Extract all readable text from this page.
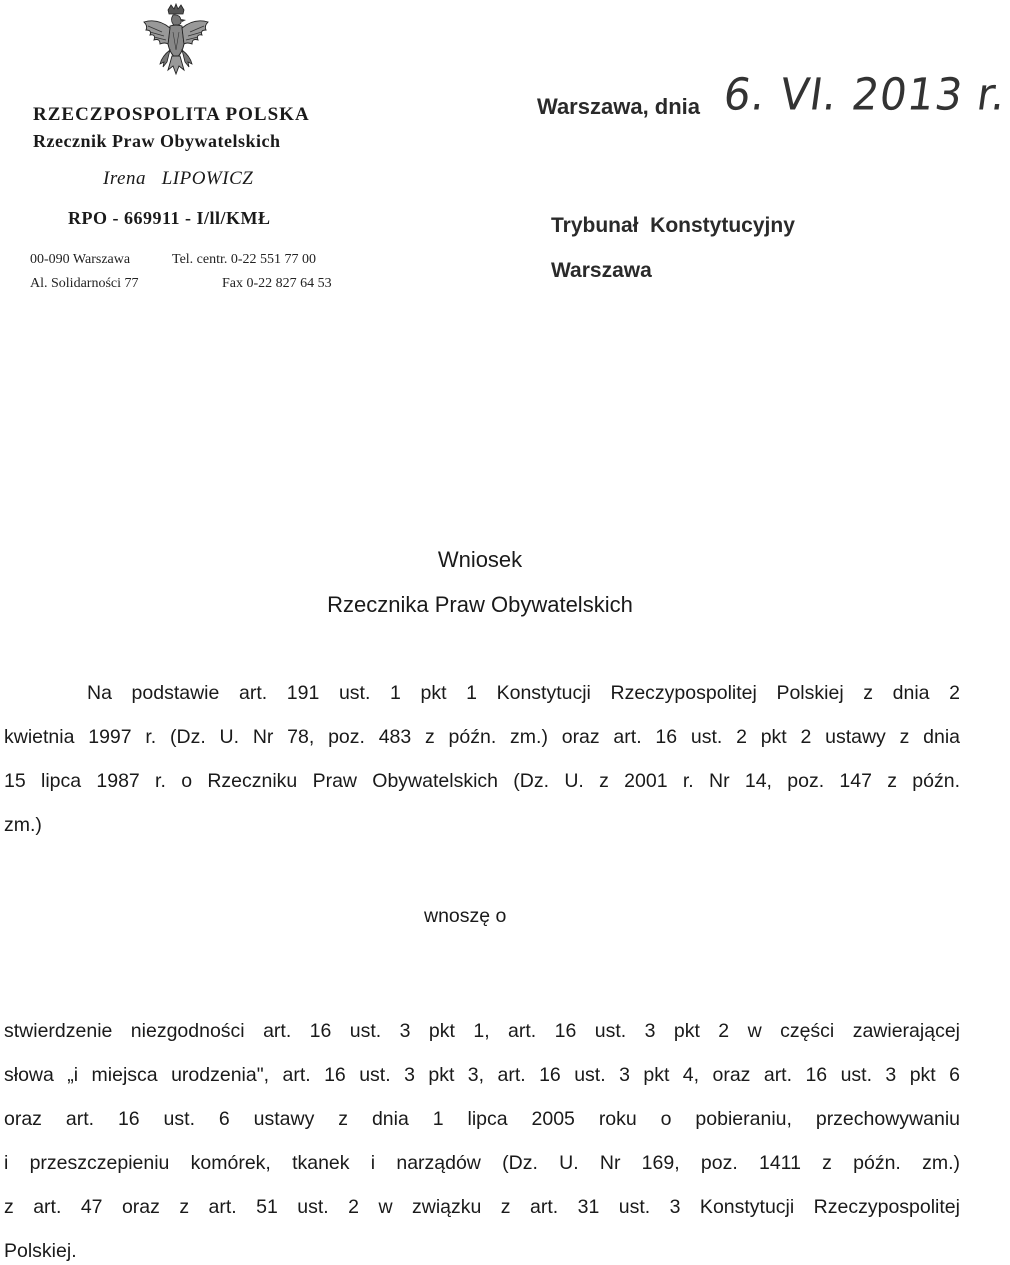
RZECZPOSPOLITA POLSKA
Rzecznik Praw Obywatelskich
Irena   LIPOWICZ
RPO - 669911 - I/ll/KMŁ
00-090 Warszawa	Tel. centr. 0-22 551 77 00
Al. Solidarności 77	Fax 0-22 827 64 53
Warszawa, dnia 6. VI. 2013 r.
Trybunał  Konstytucyjny
Warszawa
Wniosek
Rzecznika Praw Obywatelskich
Na podstawie art. 191 ust. 1 pkt 1 Konstytucji Rzeczypospolitej Polskiej z dnia 2
kwietnia 1997 r. (Dz. U. Nr 78, poz. 483 z późn. zm.) oraz art. 16 ust. 2 pkt 2 ustawy z dnia
15 lipca 1987 r. o Rzeczniku Praw Obywatelskich (Dz. U. z 2001 r. Nr 14, poz. 147 z późn.
zm.)
wnoszę o
stwierdzenie niezgodności art. 16 ust. 3 pkt 1, art. 16 ust. 3 pkt 2 w części zawierającej
słowa „i miejsca urodzenia", art. 16 ust. 3 pkt 3, art. 16 ust. 3 pkt 4, oraz art. 16 ust. 3 pkt 6
oraz art. 16 ust. 6 ustawy z dnia 1 lipca 2005 roku o pobieraniu, przechowywaniu
i przeszczepieniu komórek, tkanek i narządów (Dz. U. Nr 169, poz. 1411 z późn. zm.)
z art. 47 oraz z art. 51 ust. 2 w związku z art. 31 ust. 3 Konstytucji Rzeczypospolitej
Polskiej.
